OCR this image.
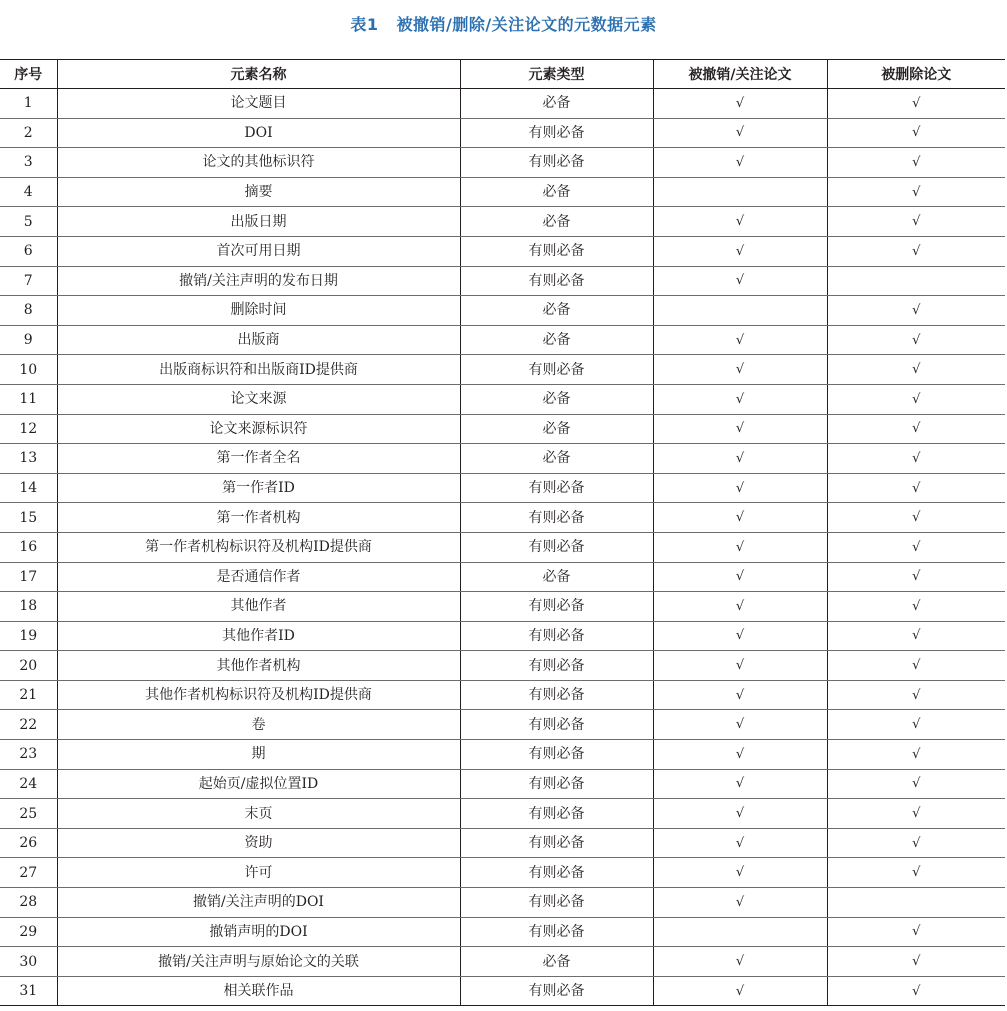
表1 被撤销/删除/关注论文的元数据元素
序号	元素名称	元素类型	被撤销/关注论文	被删除论文
1	论文题目	必备	√	√
2	DOI	有则必备	√	√
3	论文的其他标识符	有则必备	√	√
4	摘要	必备		√
5	出版日期	必备	√	√
6	首次可用日期	有则必备	√	√
7	撤销/关注声明的发布日期	有则必备	√	
8	删除时间	必备		√
9	出版商	必备	√	√
10	出版商标识符和出版商ID提供商	有则必备	√	√
11	论文来源	必备	√	√
12	论文来源标识符	必备	√	√
13	第一作者全名	必备	√	√
14	第一作者ID	有则必备	√	√
15	第一作者机构	有则必备	√	√
16	第一作者机构标识符及机构ID提供商	有则必备	√	√
17	是否通信作者	必备	√	√
18	其他作者	有则必备	√	√
19	其他作者ID	有则必备	√	√
20	其他作者机构	有则必备	√	√
21	其他作者机构标识符及机构ID提供商	有则必备	√	√
22	卷	有则必备	√	√
23	期	有则必备	√	√
24	起始页/虚拟位置ID	有则必备	√	√
25	末页	有则必备	√	√
26	资助	有则必备	√	√
27	许可	有则必备	√	√
28	撤销/关注声明的DOI	有则必备	√	
29	撤销声明的DOI	有则必备		√
30	撤销/关注声明与原始论文的关联	必备	√	√
31	相关联作品	有则必备	√	√
